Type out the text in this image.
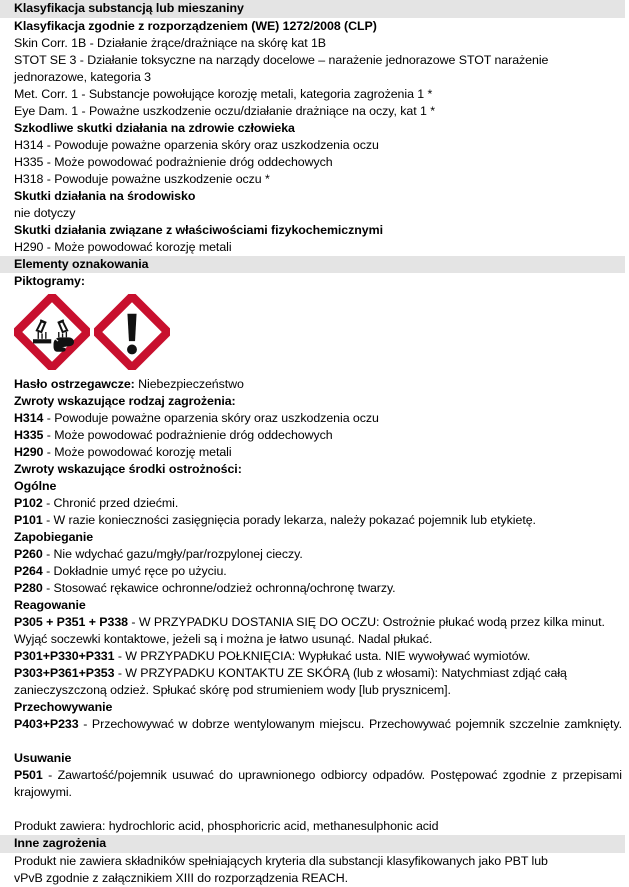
Klasyfikacja substancją lub mieszaniny
Klasyfikacja zgodnie z rozporządzeniem (WE) 1272/2008 (CLP)
Skin Corr. 1B - Działanie żrące/drażniące na skórę kat 1B
STOT SE 3 - Działanie toksyczne na narządy docelowe – narażenie jednorazowe STOT narażenie
jednorazowe, kategoria 3
Met. Corr. 1 - Substancje powołujące korozję metali, kategoria zagrożenia 1 *
Eye Dam. 1 - Poważne uszkodzenie oczu/działanie drażniące na oczy, kat 1 *
Szkodliwe skutki działania na zdrowie człowieka
H314 - Powoduje poważne oparzenia skóry oraz uszkodzenia oczu
H335 - Może powodować podrażnienie dróg oddechowych
H318 - Powoduje poważne uszkodzenie oczu *
Skutki działania na środowisko
nie dotyczy
Skutki działania związane z właściwościami fizykochemicznymi
H290 - Może powodować korozję metali
Elementy oznakowania
Piktogramy:
Hasło ostrzegawcze: Niebezpieczeństwo
Zwroty wskazujące rodzaj zagrożenia:
H314 - Powoduje poważne oparzenia skóry oraz uszkodzenia oczu
H335 - Może powodować podrażnienie dróg oddechowych
H290 - Może powodować korozję metali
Zwroty wskazujące środki ostrożności:
Ogólne
P102 - Chronić przed dziećmi.
P101 - W razie konieczności zasięgnięcia porady lekarza, należy pokazać pojemnik lub etykietę.
Zapobieganie
P260 - Nie wdychać gazu/mgły/par/rozpylonej cieczy.
P264 - Dokładnie umyć ręce po użyciu.
P280 - Stosować rękawice ochronne/odzież ochronną/ochronę twarzy.
Reagowanie
P305 + P351 + P338 - W PRZYPADKU DOSTANIA SIĘ DO OCZU: Ostrożnie płukać wodą przez kilka minut. Wyjąć soczewki kontaktowe, jeżeli są i można je łatwo usunąć. Nadal płukać.
P301+P330+P331 - W PRZYPADKU POŁKNIĘCIA: Wypłukać usta. NIE wywoływać wymiotów.
P303+P361+P353 - W PRZYPADKU KONTAKTU ZE SKÓRĄ (lub z włosami): Natychmiast zdjąć całą zanieczyszczoną odzież. Spłukać skórę pod strumieniem wody [lub prysznicem].
Przechowywanie
P403+P233 - Przechowywać w dobrze wentylowanym miejscu. Przechowywać pojemnik szczelnie zamknięty.
Usuwanie
P501 - Zawartość/pojemnik usuwać do uprawnionego odbiorcy odpadów. Postępować zgodnie z przepisami krajowymi.
Produkt zawiera: hydrochloric acid, phosphoricric acid, methanesulphonic acid
Inne zagrożenia
Produkt nie zawiera składników spełniających kryteria dla substancji klasyfikowanych jako PBT lub
vPvB zgodnie z załącznikiem XIII do rozporządzenia REACH.
